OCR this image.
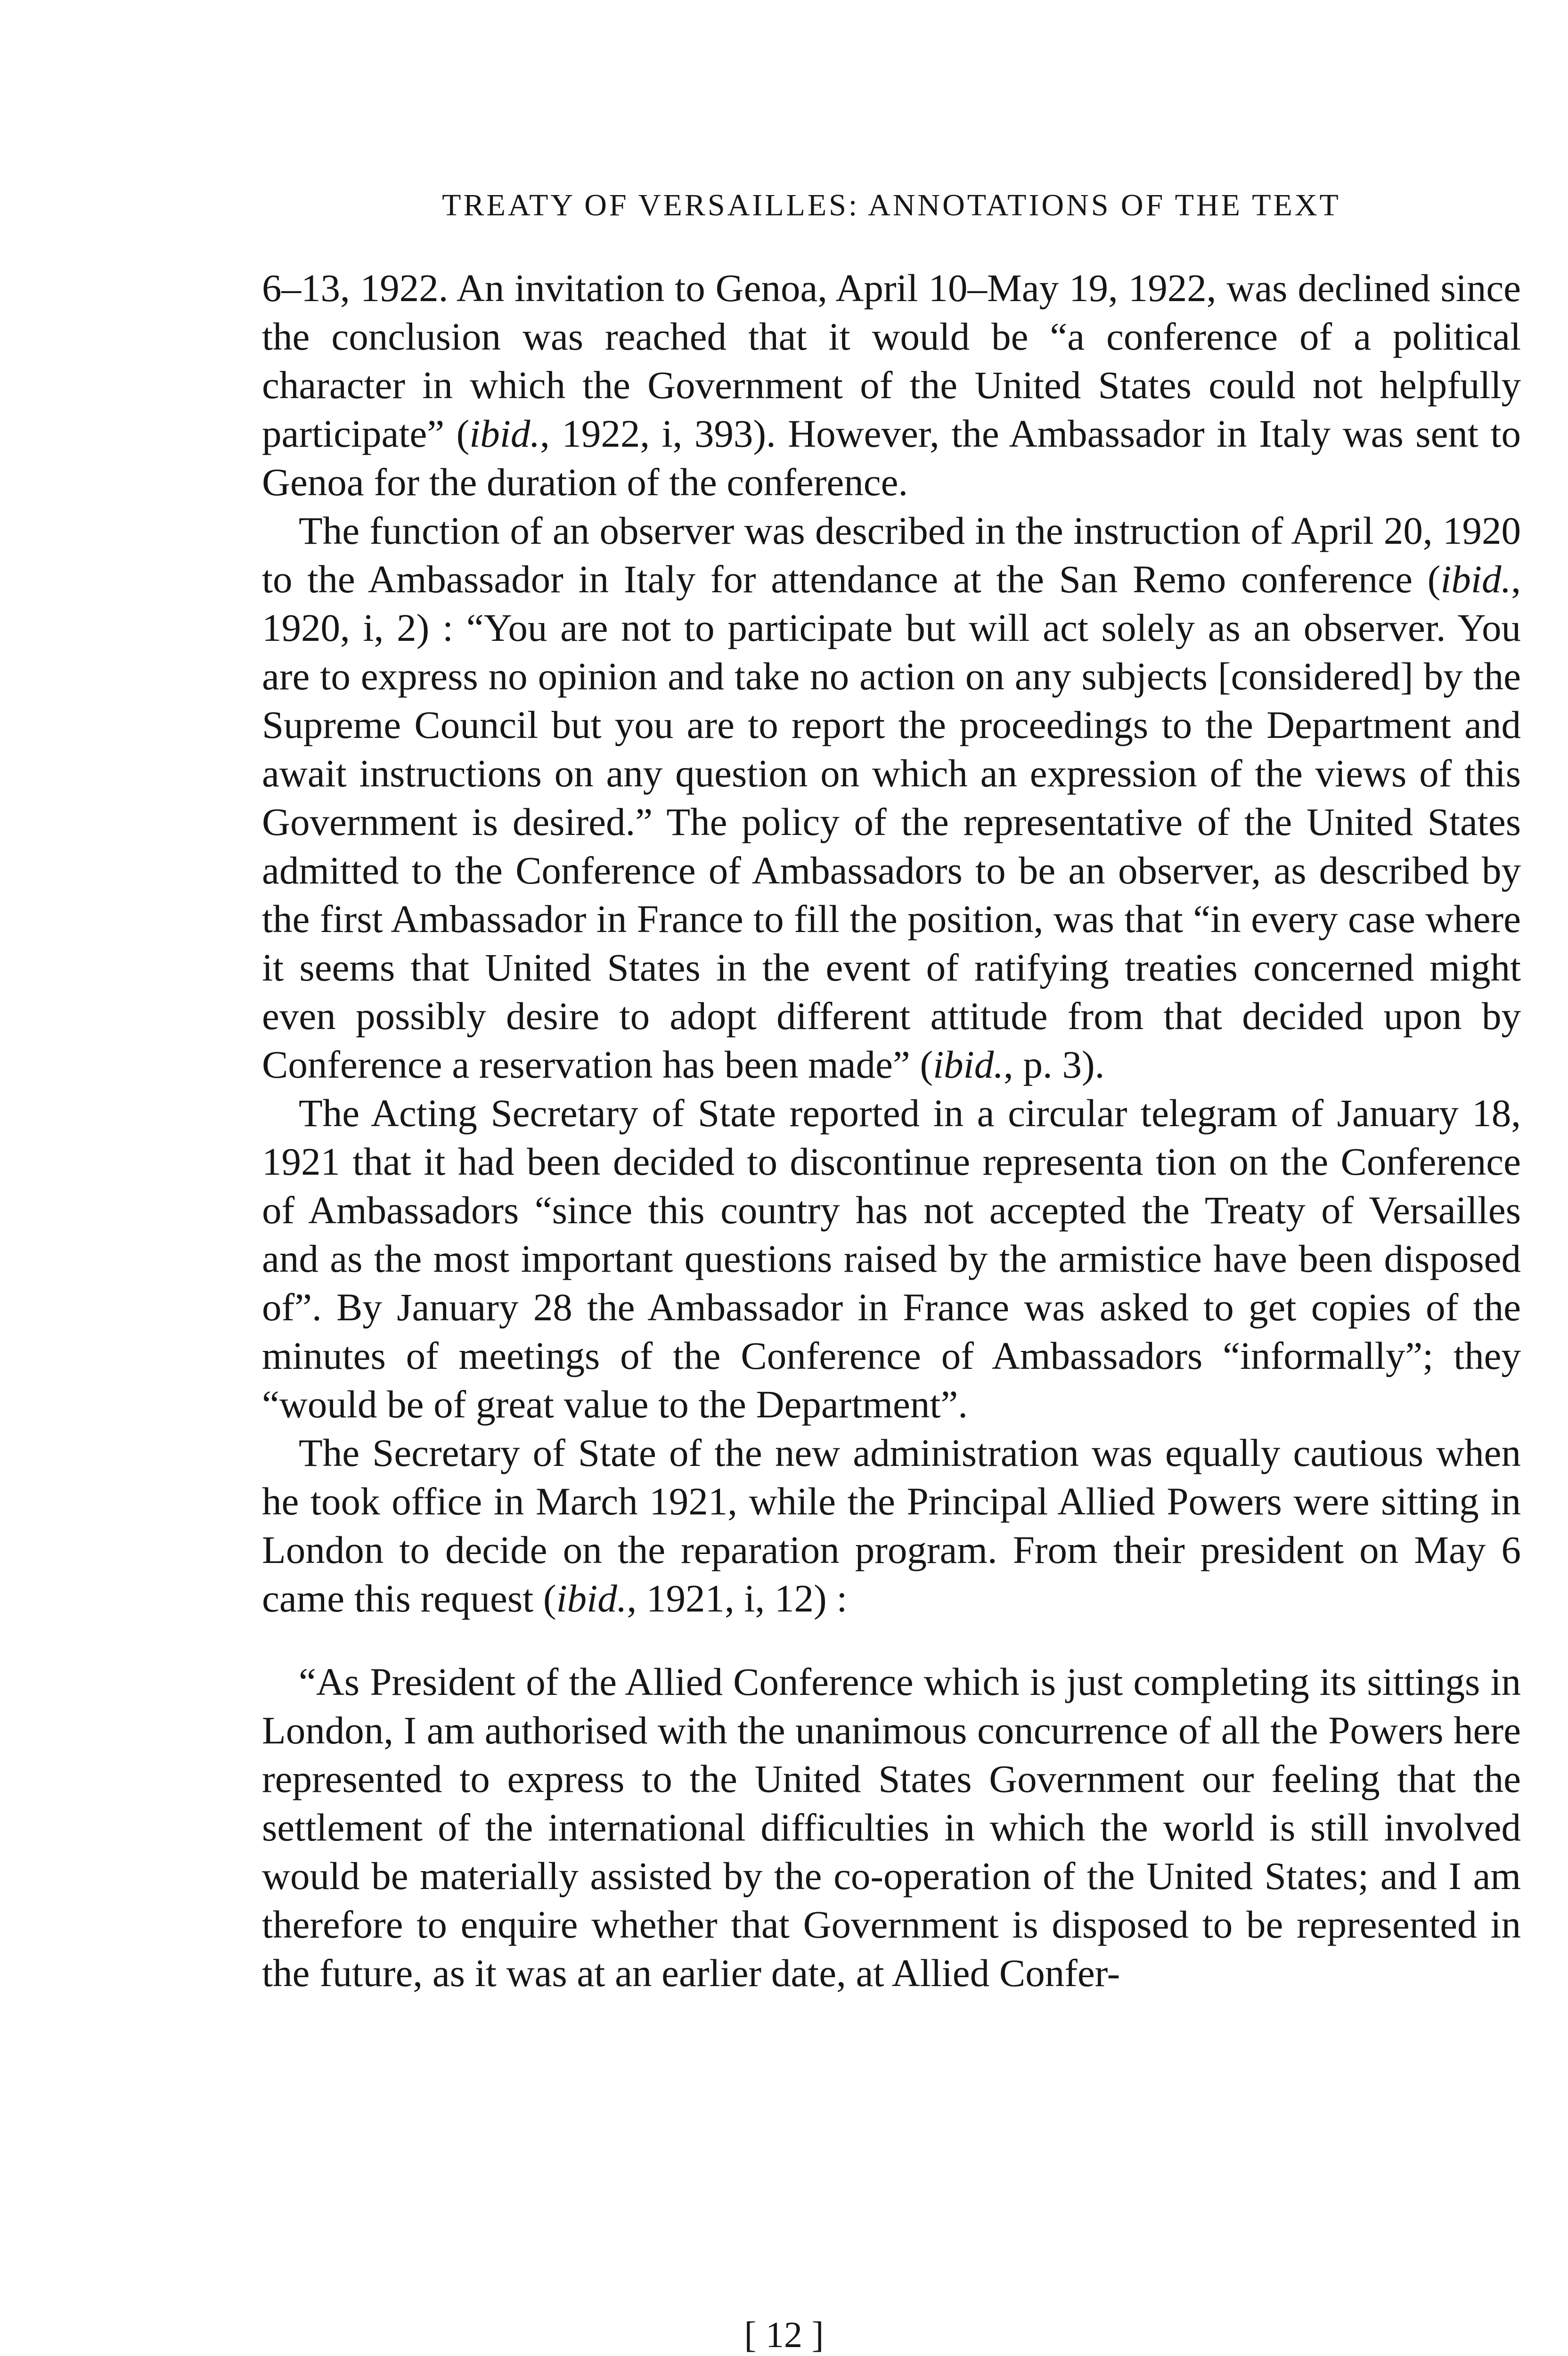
TREATY OF VERSAILLES: ANNOTATIONS OF THE TEXT

6–13, 1922. An invitation to Genoa, April 10–May 19, 1922, was declined since the conclusion was reached that it would be “a conference of a political character in which the Government of the United States could not helpfully participate” (ibid., 1922, i, 393). However, the Ambassador in Italy was sent to Genoa for the duration of the conference.

The function of an observer was described in the instruction of April 20, 1920 to the Ambassador in Italy for attendance at the San Remo conference (ibid., 1920, i, 2) : “You are not to participate but will act solely as an observer. You are to express no opinion and take no action on any subjects [considered] by the Supreme Council but you are to report the proceedings to the Department and await instructions on any question on which an expression of the views of this Government is desired.” The policy of the representative of the United States admitted to the Conference of Ambassadors to be an observer, as described by the first Ambassador in France to fill the position, was that “in every case where it seems that United States in the event of ratifying treaties concerned might even possibly desire to adopt different attitude from that decided upon by Conference a reservation has been made” (ibid., p. 3).

The Acting Secretary of State reported in a circular telegram of January 18, 1921 that it had been decided to discontinue representa tion on the Conference of Ambassadors “since this country has not accepted the Treaty of Versailles and as the most important questions raised by the armistice have been disposed of”. By January 28 the Ambassador in France was asked to get copies of the minutes of meetings of the Conference of Ambassadors “informally”; they “would be of great value to the Department”.

The Secretary of State of the new administration was equally cautious when he took office in March 1921, while the Principal Allied Powers were sitting in London to decide on the reparation program. From their president on May 6 came this request (ibid., 1921, i, 12) :

“As President of the Allied Conference which is just completing its sittings in London, I am authorised with the unanimous concurrence of all the Powers here represented to express to the United States Government our feeling that the settlement of the international difficulties in which the world is still involved would be materially assisted by the co-operation of the United States; and I am therefore to enquire whether that Government is disposed to be represented in the future, as it was at an earlier date, at Allied Confer-

[ 12 ]
